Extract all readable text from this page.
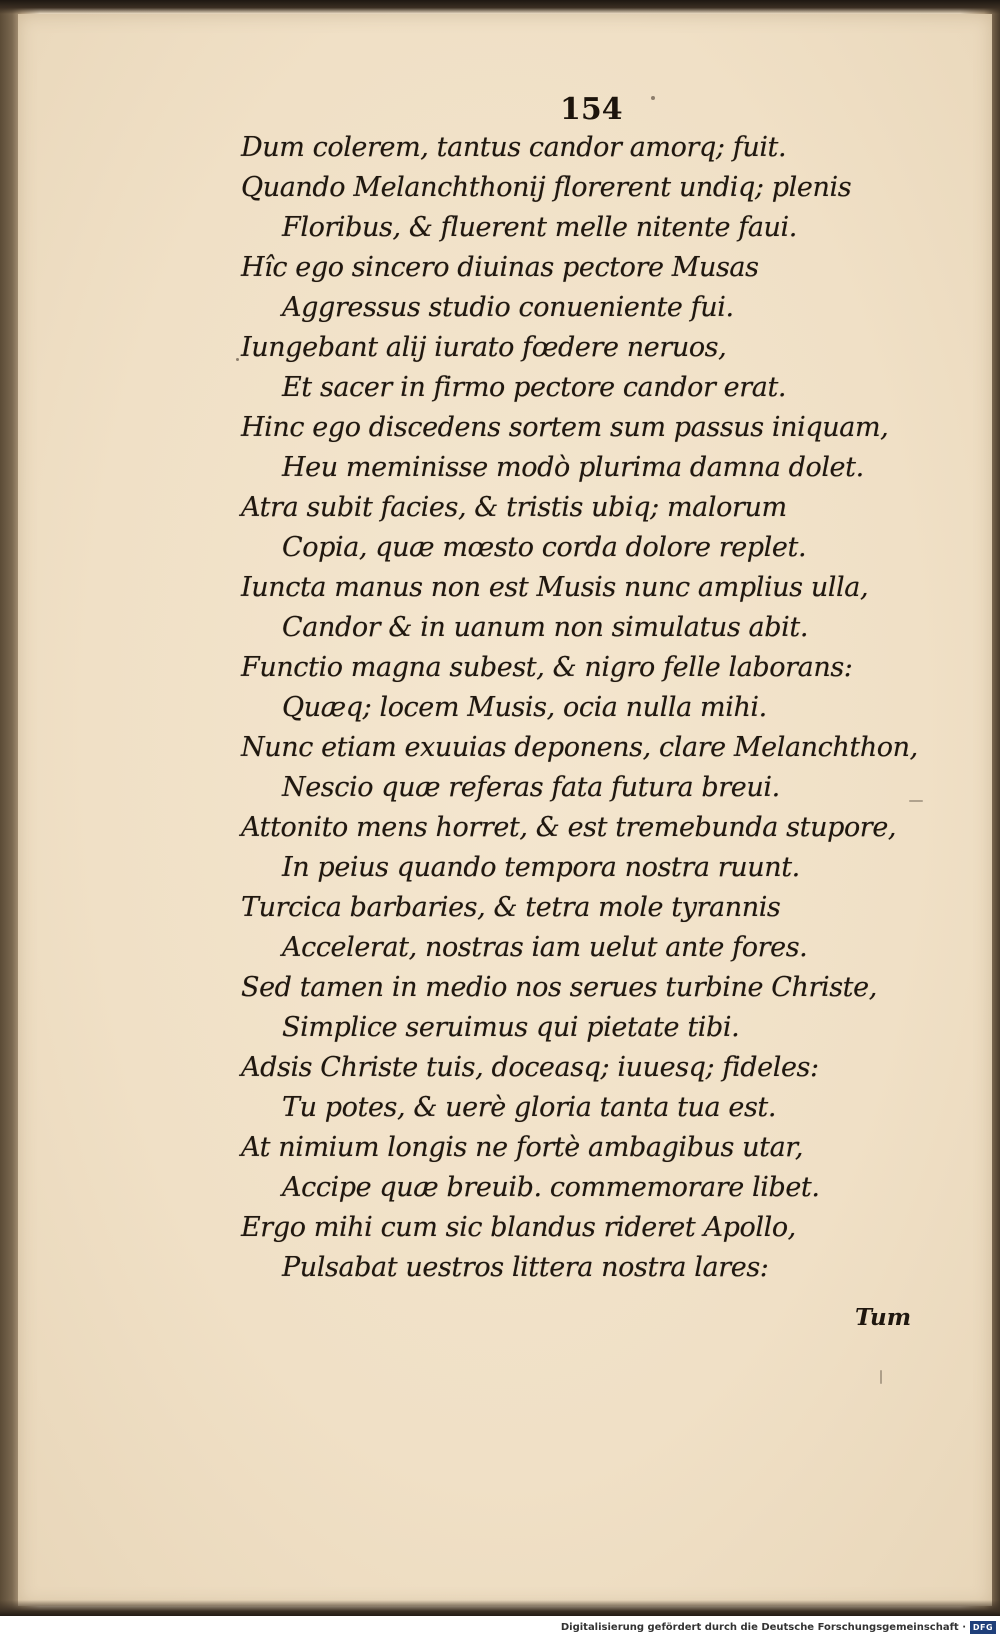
154
Dum colerem, tantus candor amorq; fuit.
Quando Melanchthonij florerent undiq; plenis
Floribus, & fluerent melle nitente faui.
Hîc ego sincero diuinas pectore Musas
Aggressus studio conueniente fui.
Iungebant alij iurato fœdere neruos,
Et sacer in firmo pectore candor erat.
Hinc ego discedens sortem sum passus iniquam,
Heu meminisse modò plurima damna dolet.
Atra subit facies, & tristis ubiq; malorum
Copia, quæ mœsto corda dolore replet.
Iuncta manus non est Musis nunc amplius ulla,
Candor & in uanum non simulatus abit.
Functio magna subest, & nigro felle laborans:
Quæq; locem Musis, ocia nulla mihi.
Nunc etiam exuuias deponens, clare Melanchthon,
Nescio quæ referas fata futura breui.
Attonito mens horret, & est tremebunda stupore,
In peius quando tempora nostra ruunt.
Turcica barbaries, & tetra mole tyrannis
Accelerat, nostras iam uelut ante fores.
Sed tamen in medio nos serues turbine Christe,
Simplice seruimus qui pietate tibi.
Adsis Christe tuis, doceasq; iuuesq; fideles:
Tu potes, & uerè gloria tanta tua est.
At nimium longis ne fortè ambagibus utar,
Accipe quæ breuib. commemorare libet.
Ergo mihi cum sic blandus rideret Apollo,
Pulsabat uestros littera nostra lares:
Tum
Digitalisierung gefördert durch die Deutsche Forschungsgemeinschaft · DFG
